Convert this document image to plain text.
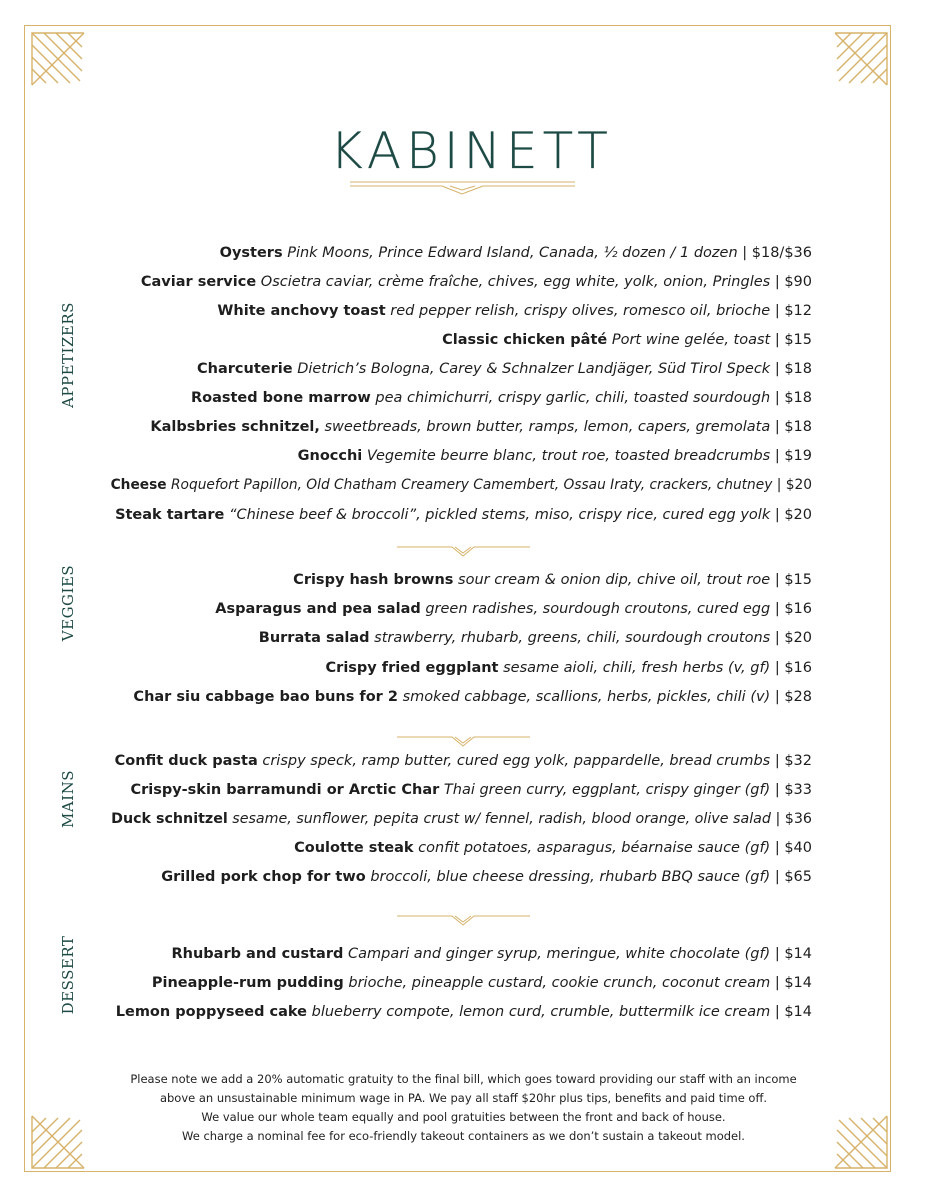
KABINETT
APPETIZERS
VEGGIES
MAINS
DESSERT
Oysters Pink Moons, Prince Edward Island, Canada, ½ dozen / 1 dozen | $18/$36
Caviar service Oscietra caviar, crème fraîche, chives, egg white, yolk, onion, Pringles | $90
White anchovy toast red pepper relish, crispy olives, romesco oil, brioche | $12
Classic chicken pâté Port wine gelée, toast | $15
Charcuterie Dietrich’s Bologna, Carey & Schnalzer Landjäger, Süd Tirol Speck | $18
Roasted bone marrow pea chimichurri, crispy garlic, chili, toasted sourdough | $18
Kalbsbries schnitzel, sweetbreads, brown butter, ramps, lemon, capers, gremolata | $18
Gnocchi Vegemite beurre blanc, trout roe, toasted breadcrumbs | $19
Cheese Roquefort Papillon, Old Chatham Creamery Camembert, Ossau Iraty, crackers, chutney | $20
Steak tartare “Chinese beef & broccoli”, pickled stems, miso, crispy rice, cured egg yolk | $20
Crispy hash browns sour cream & onion dip, chive oil, trout roe | $15
Asparagus and pea salad green radishes, sourdough croutons, cured egg | $16
Burrata salad strawberry, rhubarb, greens, chili, sourdough croutons | $20
Crispy fried eggplant sesame aioli, chili, fresh herbs (v, gf) | $16
Char siu cabbage bao buns for 2 smoked cabbage, scallions, herbs, pickles, chili (v) | $28
Confit duck pasta crispy speck, ramp butter, cured egg yolk, pappardelle, bread crumbs | $32
Crispy-skin barramundi or Arctic Char Thai green curry, eggplant, crispy ginger (gf) | $33
Duck schnitzel sesame, sunflower, pepita crust w/ fennel, radish, blood orange, olive salad | $36
Coulotte steak confit potatoes, asparagus, béarnaise sauce (gf) | $40
Grilled pork chop for two broccoli, blue cheese dressing, rhubarb BBQ sauce (gf) | $65
Rhubarb and custard Campari and ginger syrup, meringue, white chocolate (gf) | $14
Pineapple-rum pudding brioche, pineapple custard, cookie crunch, coconut cream | $14
Lemon poppyseed cake blueberry compote, lemon curd, crumble, buttermilk ice cream | $14
Please note we add a 20% automatic gratuity to the final bill, which goes toward providing our staff with an income
above an unsustainable minimum wage in PA. We pay all staff $20hr plus tips, benefits and paid time off.
We value our whole team equally and pool gratuities between the front and back of house.
We charge a nominal fee for eco-friendly takeout containers as we don’t sustain a takeout model.
